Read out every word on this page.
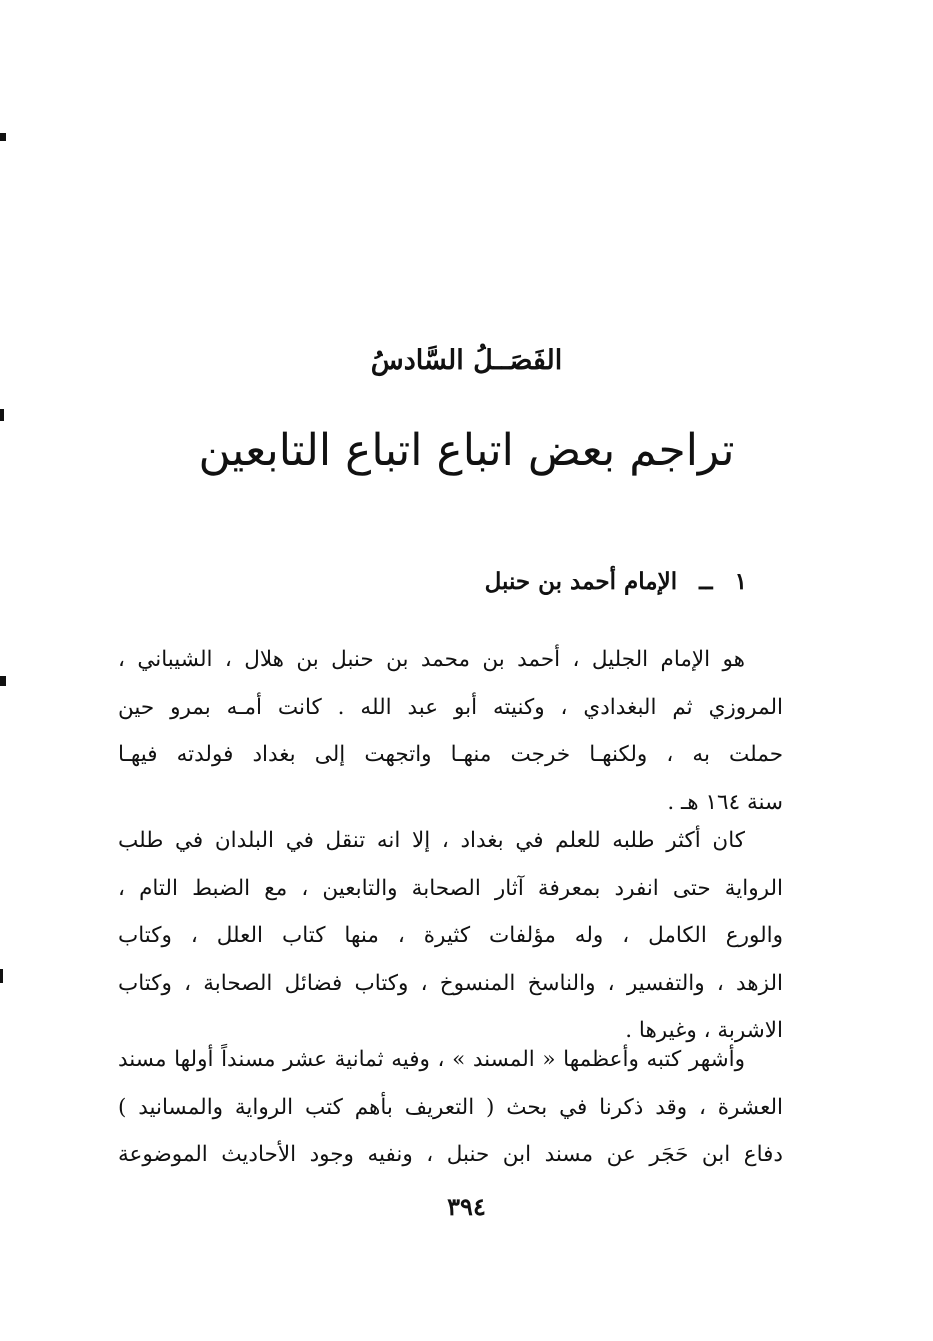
الفَصَــلُ السَّادسُ
تراجم بعض اتباع اتباع التابعين
١ ــ الإمام أحمد بن حنبل
هو الإمام الجليل ، أحمد بن محمد بن حنبل بن هلال ، الشيباني ،
المروزي ثم البغدادي ، وكنيته أبو عبد الله . كانت أمـه بمرو حين
حملت به ، ولكنهـا خرجت منهـا واتجهت إلى بغداد فولدته فيهـا
سنة ١٦٤ هـ .
كان أكثر طلبه للعلم في بغداد ، إلا انه تنقل في البلدان في طلب
الرواية حتى انفرد بمعرفة آثار الصحابة والتابعين ، مع الضبط التام ،
والورع الكامل ، وله مؤلفات كثيرة ، منها كتاب العلل ، وكتاب
الزهد ، والتفسير ، والناسخ المنسوخ ، وكتاب فضائل الصحابة ، وكتاب
الاشربة ، وغيرها .
وأشهر كتبه وأعظمها « المسند » ، وفيه ثمانية عشر مسنداً أولها مسند
العشرة ، وقد ذكرنا في بحث ( التعريف بأهم كتب الرواية والمسانيد )
دفاع ابن حَجَر عن مسند ابن حنبل ، ونفيه وجود الأحاديث الموضوعة
٣٩٤
